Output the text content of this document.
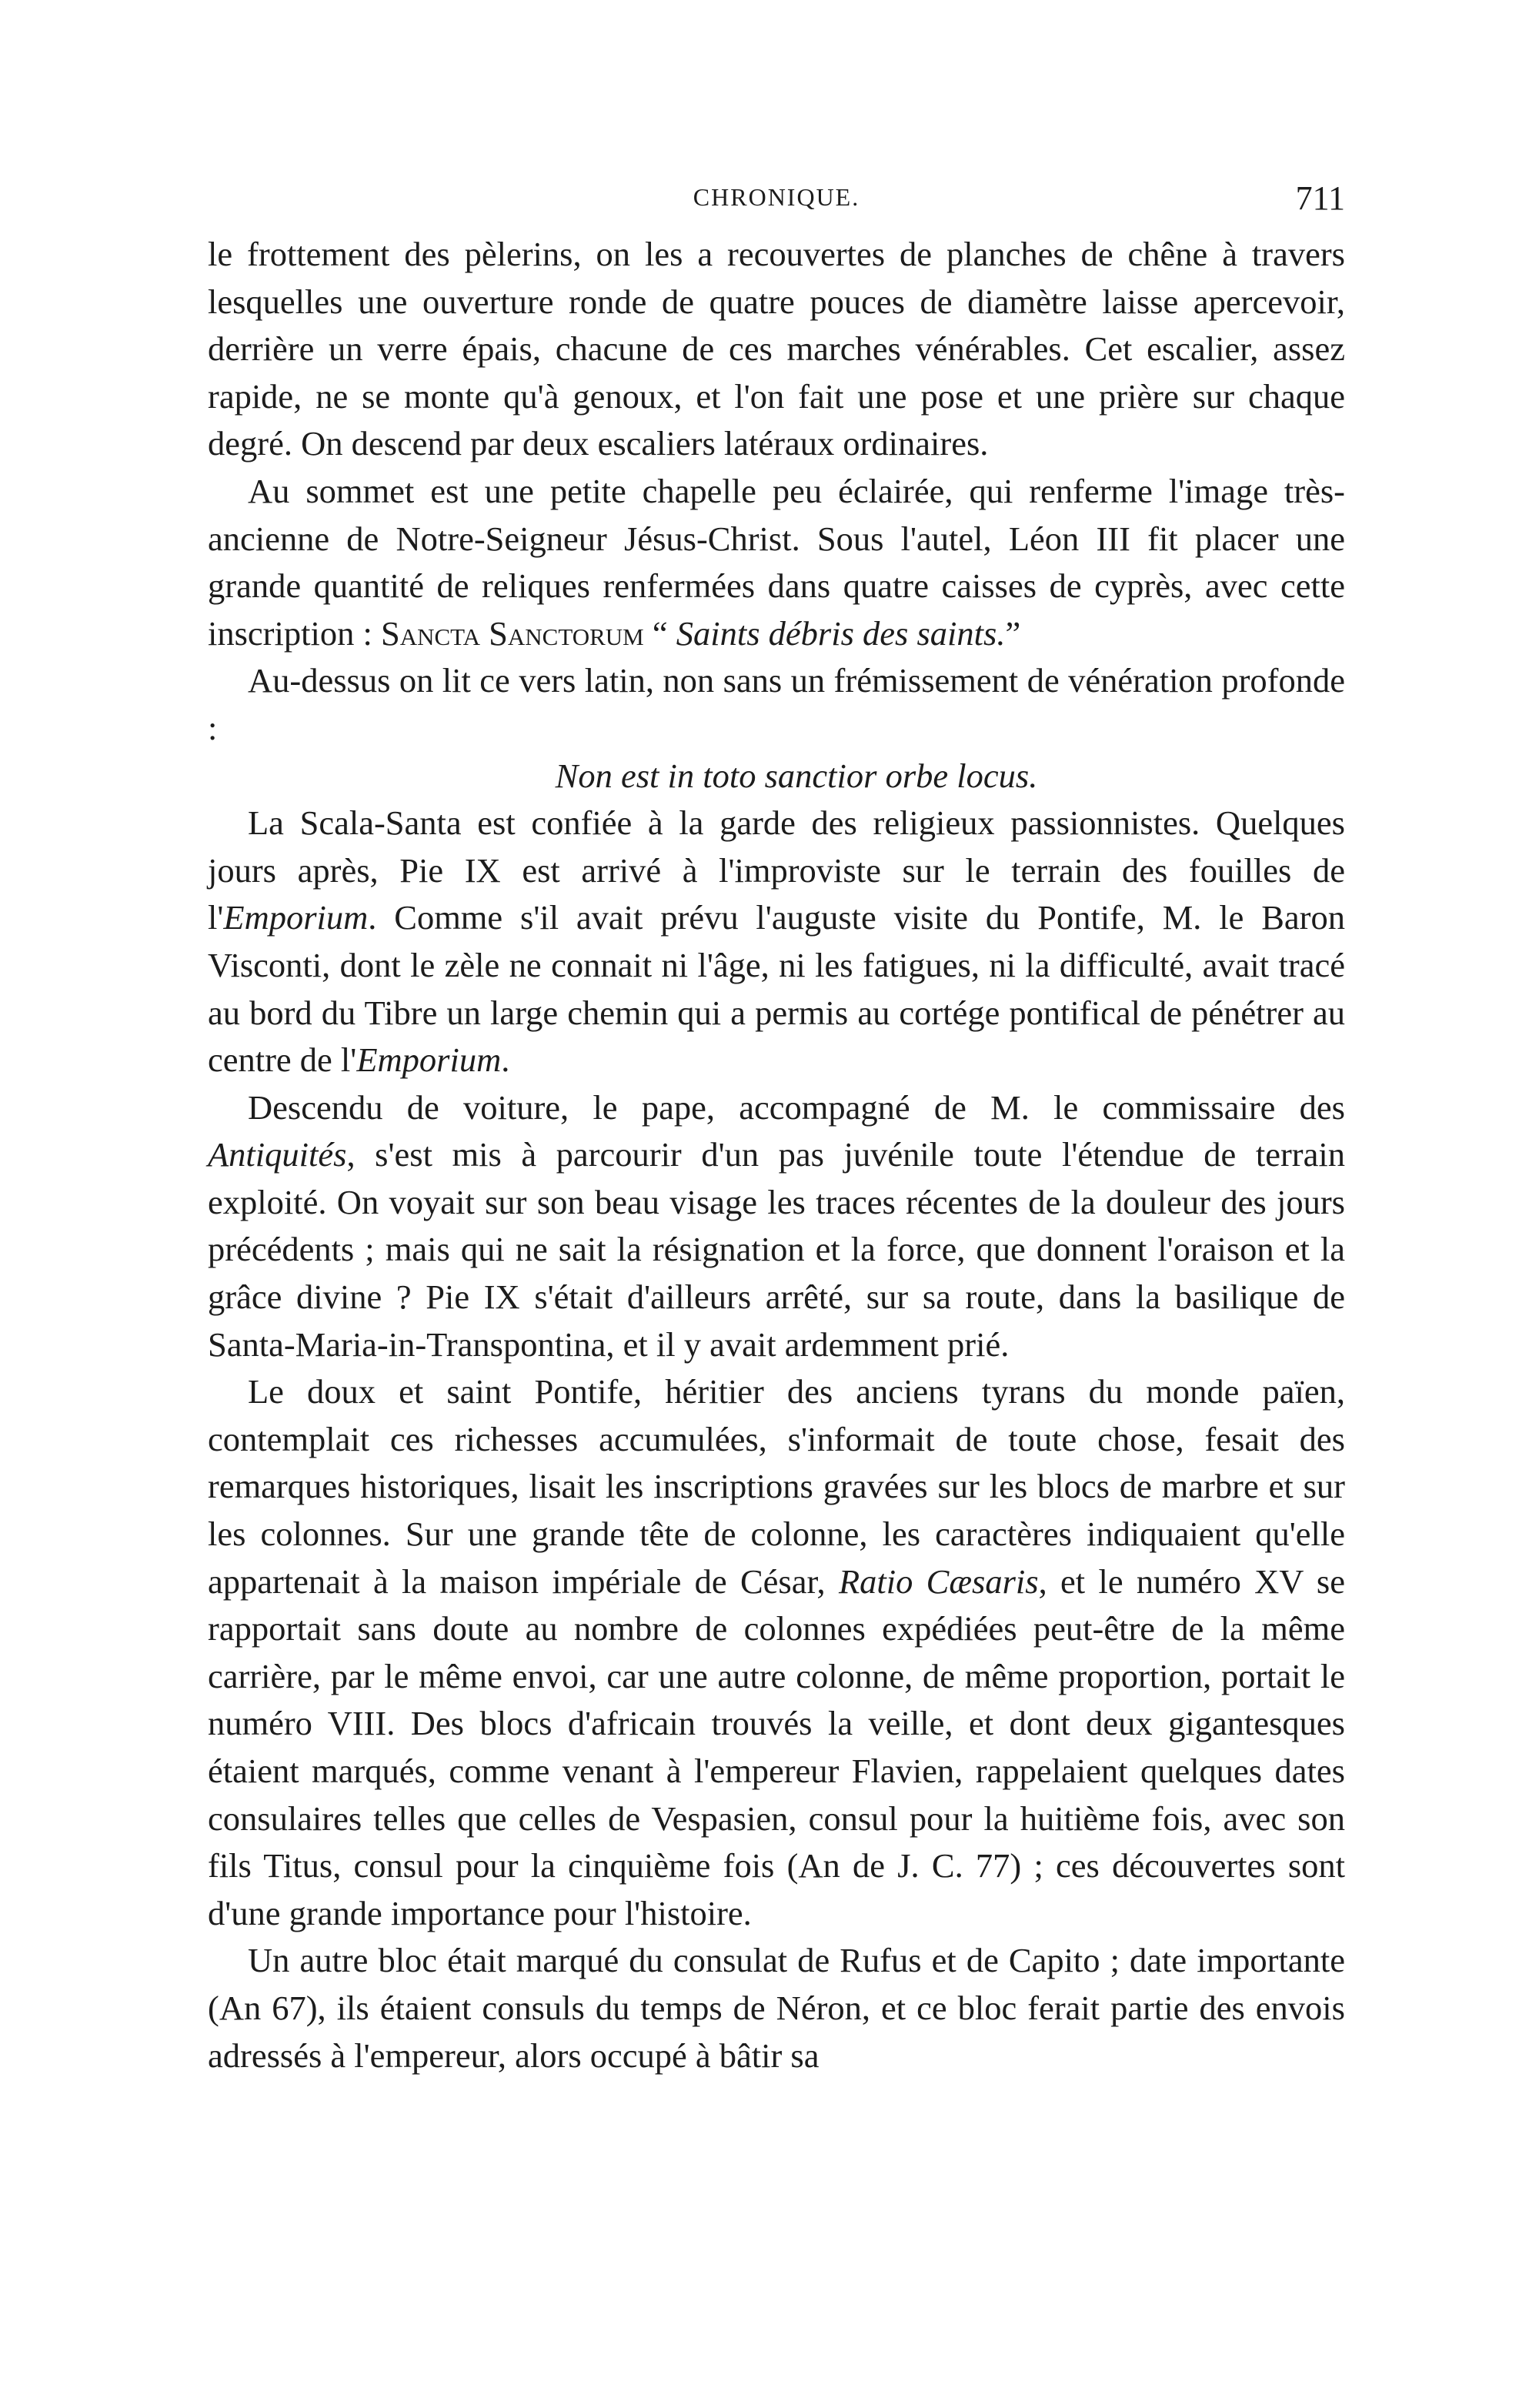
CHRONIQUE.	711

le frottement des pèlerins, on les a recouvertes de planches de chêne à travers lesquelles une ouverture ronde de quatre pouces de diamètre laisse apercevoir, derrière un verre épais, chacune de ces marches vénérables. Cet escalier, assez rapide, ne se monte qu'à genoux, et l'on fait une pose et une prière sur chaque degré. On descend par deux escaliers latéraux ordinaires.

Au sommet est une petite chapelle peu éclairée, qui renferme l'image très-ancienne de Notre-Seigneur Jésus-Christ. Sous l'autel, Léon III fit placer une grande quantité de reliques renfermées dans quatre caisses de cyprès, avec cette inscription : Sancta Sanctorum “ Saints débris des saints.”

Au-dessus on lit ce vers latin, non sans un frémissement de vénération profonde :

Non est in toto sanctior orbe locus.

La Scala-Santa est confiée à la garde des religieux passionnistes. Quelques jours après, Pie IX est arrivé à l'improviste sur le terrain des fouilles de l'Emporium. Comme s'il avait prévu l'auguste visite du Pontife, M. le Baron Visconti, dont le zèle ne connait ni l'âge, ni les fatigues, ni la difficulté, avait tracé au bord du Tibre un large chemin qui a permis au cortége pontifical de pénétrer au centre de l'Emporium.

Descendu de voiture, le pape, accompagné de M. le commissaire des Antiquités, s'est mis à parcourir d'un pas juvénile toute l'étendue de terrain exploité. On voyait sur son beau visage les traces récentes de la douleur des jours précédents ; mais qui ne sait la résignation et la force, que donnent l'oraison et la grâce divine ? Pie IX s'était d'ailleurs arrêté, sur sa route, dans la basilique de Santa-Maria-in-Transpontina, et il y avait ardemment prié.

Le doux et saint Pontife, héritier des anciens tyrans du monde païen, contemplait ces richesses accumulées, s'informait de toute chose, fesait des remarques historiques, lisait les inscriptions gravées sur les blocs de marbre et sur les colonnes. Sur une grande tête de colonne, les caractères indiquaient qu'elle appartenait à la maison impériale de César, Ratio Cæsaris, et le numéro XV se rapportait sans doute au nombre de colonnes expédiées peut-être de la même carrière, par le même envoi, car une autre colonne, de même proportion, portait le numéro VIII. Des blocs d'africain trouvés la veille, et dont deux gigantesques étaient marqués, comme venant à l'empereur Flavien, rappelaient quelques dates consulaires telles que celles de Vespasien, consul pour la huitième fois, avec son fils Titus, consul pour la cinquième fois (An de J. C. 77) ; ces découvertes sont d'une grande importance pour l'histoire.

Un autre bloc était marqué du consulat de Rufus et de Capito ; date importante (An 67), ils étaient consuls du temps de Néron, et ce bloc ferait partie des envois adressés à l'empereur, alors occupé à bâtir sa
